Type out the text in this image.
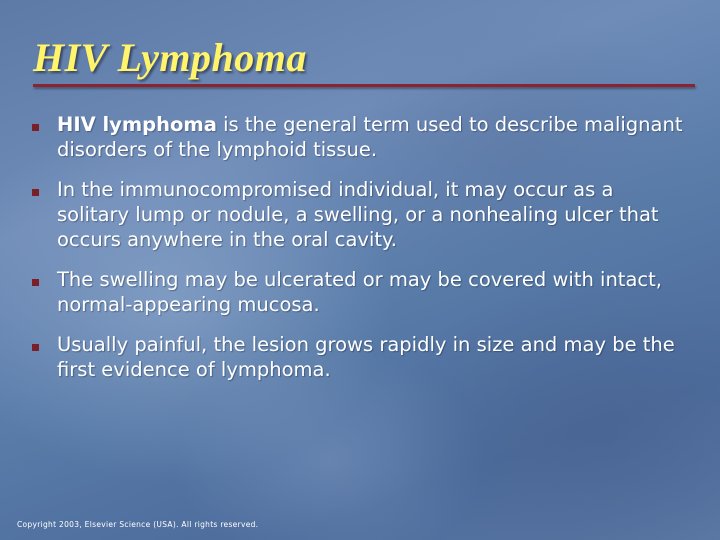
HIV Lymphoma
HIV lymphoma is the general term used to describe malignant disorders of the lymphoid tissue.
In the immunocompromised individual, it may occur as a solitary lump or nodule, a swelling, or a nonhealing ulcer that occurs anywhere in the oral cavity.
The swelling may be ulcerated or may be covered with intact, normal-appearing mucosa.
Usually painful, the lesion grows rapidly in size and may be the first evidence of lymphoma.
Copyright 2003, Elsevier Science (USA). All rights reserved.
